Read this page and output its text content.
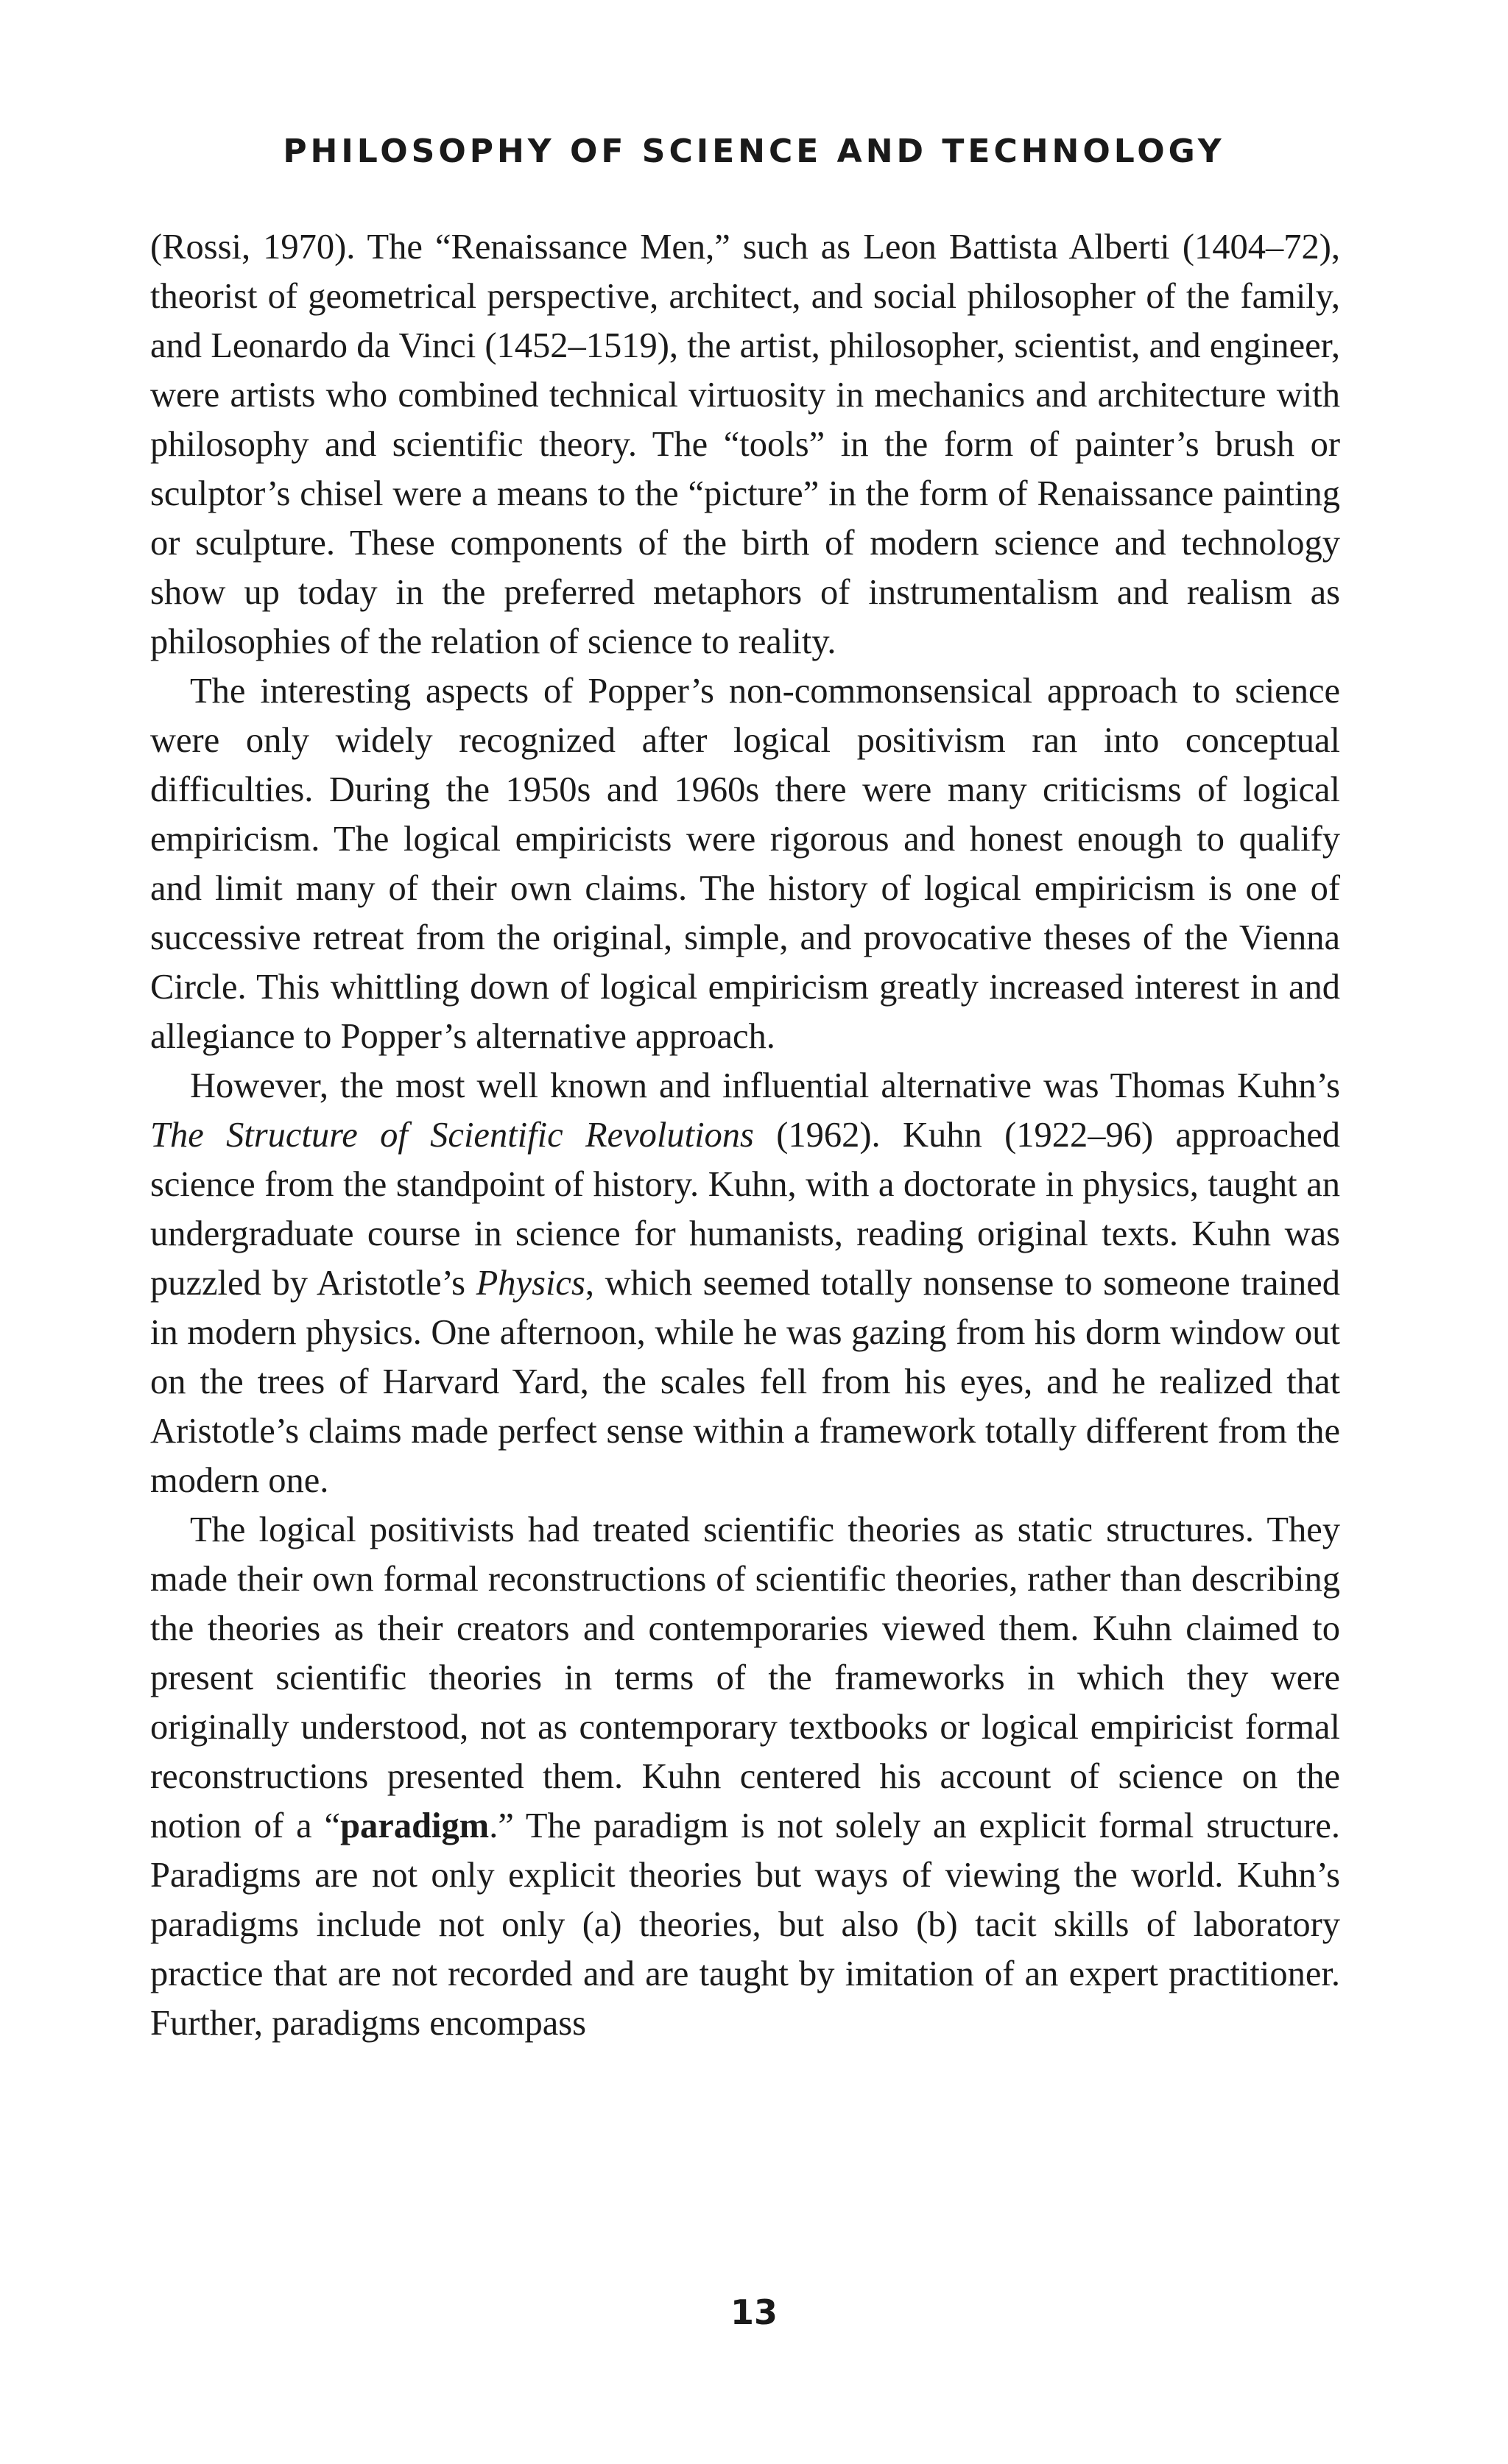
PHILOSOPHY OF SCIENCE AND TECHNOLOGY

(Rossi, 1970). The “Renaissance Men,” such as Leon Battista Alberti (1404–72), theorist of geometrical perspective, architect, and social philosopher of the family, and Leonardo da Vinci (1452–1519), the artist, philosopher, scientist, and engineer, were artists who combined technical virtuosity in mechanics and architecture with philosophy and scientific theory. The “tools” in the form of painter’s brush or sculptor’s chisel were a means to the “picture” in the form of Renaissance painting or sculpture. These components of the birth of modern science and technology show up today in the preferred metaphors of instrumentalism and realism as philosophies of the relation of science to reality.

The interesting aspects of Popper’s non-commonsensical approach to science were only widely recognized after logical positivism ran into conceptual difficulties. During the 1950s and 1960s there were many criticisms of logical empiricism. The logical empiricists were rigorous and honest enough to qualify and limit many of their own claims. The history of logical empiricism is one of successive retreat from the original, simple, and provocative theses of the Vienna Circle. This whittling down of logical empiricism greatly increased interest in and allegiance to Popper’s alternative approach.

However, the most well known and influential alternative was Thomas Kuhn’s The Structure of Scientific Revolutions (1962). Kuhn (1922–96) approached science from the standpoint of history. Kuhn, with a doctorate in physics, taught an undergraduate course in science for humanists, reading original texts. Kuhn was puzzled by Aristotle’s Physics, which seemed totally nonsense to someone trained in modern physics. One afternoon, while he was gazing from his dorm window out on the trees of Harvard Yard, the scales fell from his eyes, and he realized that Aristotle’s claims made perfect sense within a framework totally different from the modern one.

The logical positivists had treated scientific theories as static structures. They made their own formal reconstructions of scientific theories, rather than describing the theories as their creators and contemporaries viewed them. Kuhn claimed to present scientific theories in terms of the frameworks in which they were originally understood, not as contemporary textbooks or logical empiricist formal reconstructions presented them. Kuhn centered his account of science on the notion of a “paradigm.” The paradigm is not solely an explicit formal structure. Paradigms are not only explicit theories but ways of viewing the world. Kuhn’s paradigms include not only (a) theories, but also (b) tacit skills of laboratory practice that are not recorded and are taught by imitation of an expert practitioner. Further, paradigms encompass

13
